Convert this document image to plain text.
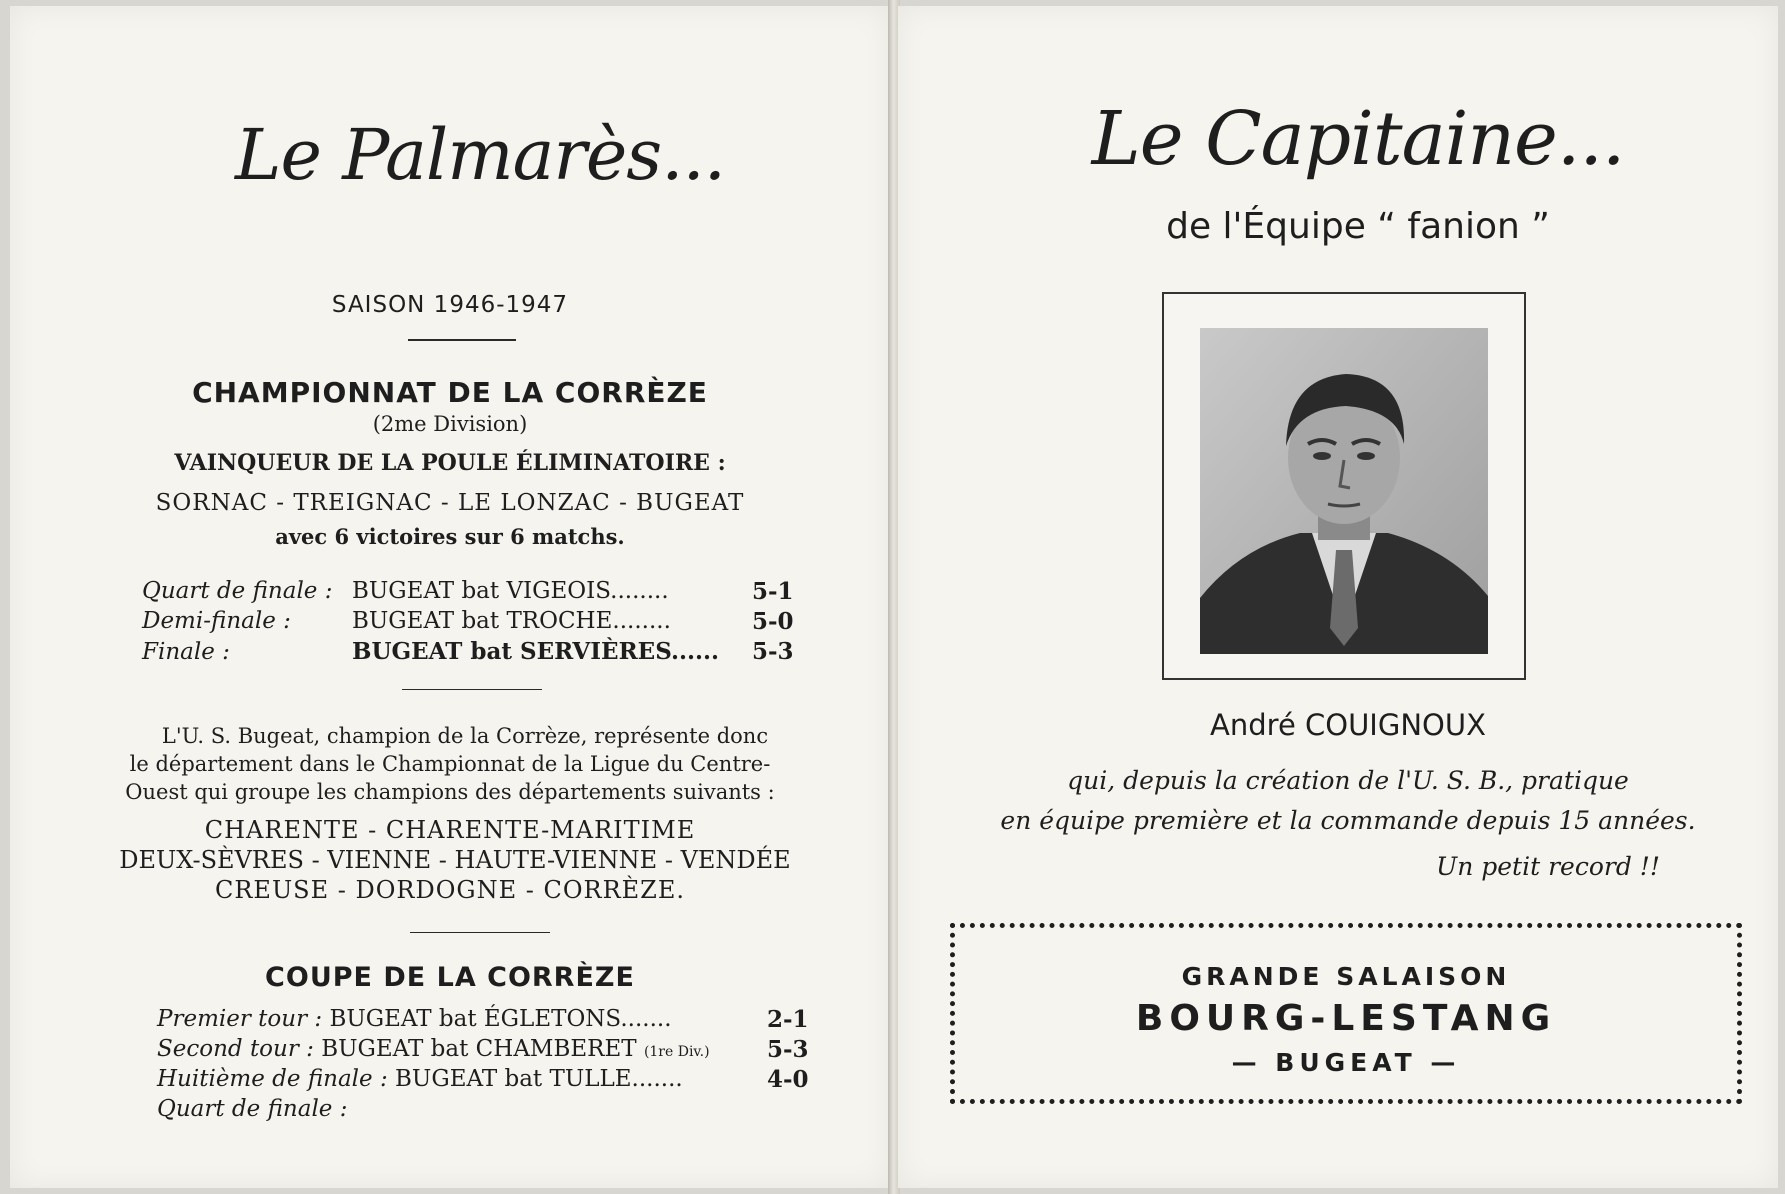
Le Palmarès...
SAISON 1946-1947
CHAMPIONNAT DE LA CORRÈZE
(2me Division)
VAINQUEUR DE LA POULE ÉLIMINATOIRE :
SORNAC - TREIGNAC - LE LONZAC - BUGEAT
avec 6 victoires sur 6 matchs.
Quart de finale : BUGEAT bat VIGEOIS........	5-1
Demi-finale :	BUGEAT bat TROCHE........	5-0
Finale :	BUGEAT bat SERVIÈRES...... 5-3
L'U. S. Bugeat, champion de la Corrèze, représente donc
le département dans le Championnat de la Ligue du Centre-
Ouest qui groupe les champions des départements suivants :
CHARENTE - CHARENTE-MARITIME
DEUX-SÈVRES - VIENNE - HAUTE-VIENNE - VENDÉE
CREUSE - DORDOGNE - CORRÈZE.
COUPE DE LA CORRÈZE
Premier tour : BUGEAT bat ÉGLETONS.......	2-1
Second tour : BUGEAT bat CHAMBERET (1re Div.) 5-3
Huitième de finale : BUGEAT bat TULLE.......	4-0
Quart de finale :
Le Capitaine...
de l'Équipe “ fanion ”
André COUIGNOUX
qui, depuis la création de l'U. S. B., pratique
en équipe première et la commande depuis 15 années.
Un petit record !!
GRANDE SALAISON
BOURG-LESTANG
— BUGEAT —
